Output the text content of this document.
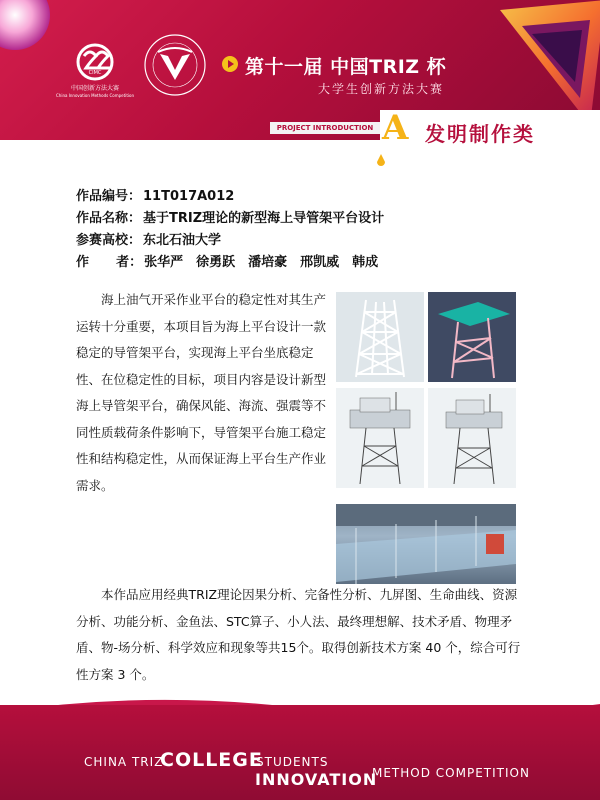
CIMC
中国创新方法大赛
China Innovation Methods Competition
第十一届 中国TRIZ 杯
大学生创新方法大赛
PROJECT INTRODUCTION A 发明制作类
作品编号： 11T017A012
作品名称： 基于TRIZ理论的新型海上导管架平台设计
参赛高校： 东北石油大学
作      者： 张华严　徐勇跃　潘培豪　邢凯威　韩成
海上油气开采作业平台的稳定性对其生产运转十分重要，本项目旨为海上平台设计一款稳定的导管架平台，实现海上平台坐底稳定性、在位稳定性的目标，项目内容是设计新型海上导管架平台，确保风能、海流、强震等不同性质载荷条件影响下，导管架平台施工稳定性和结构稳定性，从而保证海上平台生产作业需求。
本作品应用经典TRIZ理论因果分析、完备性分析、九屏图、生命曲线、资源分析、功能分析、金鱼法、STC算子、小人法、最终理想解、技术矛盾、物理矛盾、物-场分析、科学效应和现象等共15个。取得创新技术方案 40 个，综合可行性方案 3 个。
CHINA TRIZ
COLLEGE
STUDENTS
INNOVATION
METHOD COMPETITION
